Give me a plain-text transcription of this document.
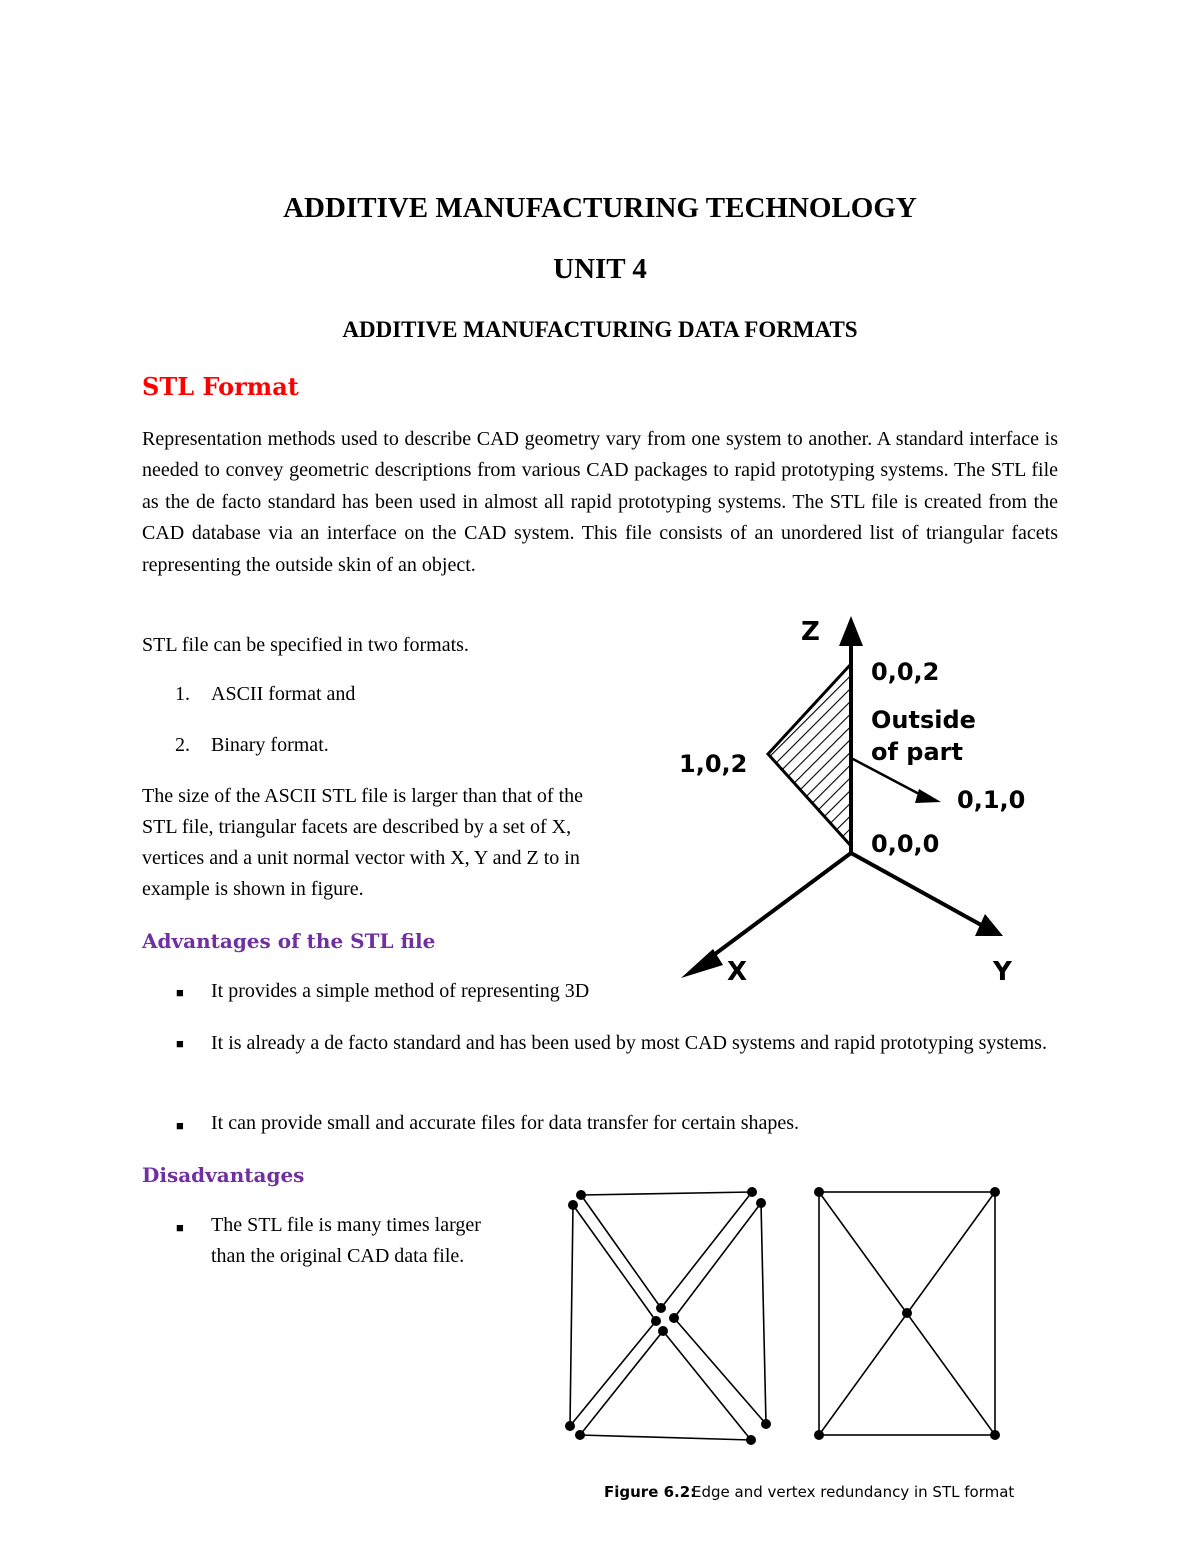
ADDITIVE MANUFACTURING TECHNOLOGY
UNIT 4
ADDITIVE MANUFACTURING DATA FORMATS
STL Format
Representation methods used to describe CAD geometry vary from one system to another. A standard interface is needed to convey geometric descriptions from various CAD packages to rapid prototyping systems. The STL file as the de facto standard has been used in almost all rapid prototyping systems. The STL file is created from the CAD database via an interface on the CAD system. This file consists of an unordered list of triangular facets representing the outside skin of an object.
STL file can be specified in two formats.
1. ASCII format and
2. Binary format.
The size of the ASCII STL file is larger than that of the
STL file, triangular facets are described by a set of X,
vertices and a unit normal vector with X, Y and Z to in
example is shown in figure.
Advantages of the STL file
■ It provides a simple method of representing 3D
■ It is already a de facto standard and has been used by most CAD systems and rapid prototyping systems.
■ It can provide small and accurate files for data transfer for certain shapes.
Disadvantages
■ The STL file is many times larger
than the original CAD data file.
Z
X	Y
0,0,2
1,0,2
0,1,0
0,0,0
Outside
of part
Figure 6.2:
Edge and vertex redundancy in STL format
